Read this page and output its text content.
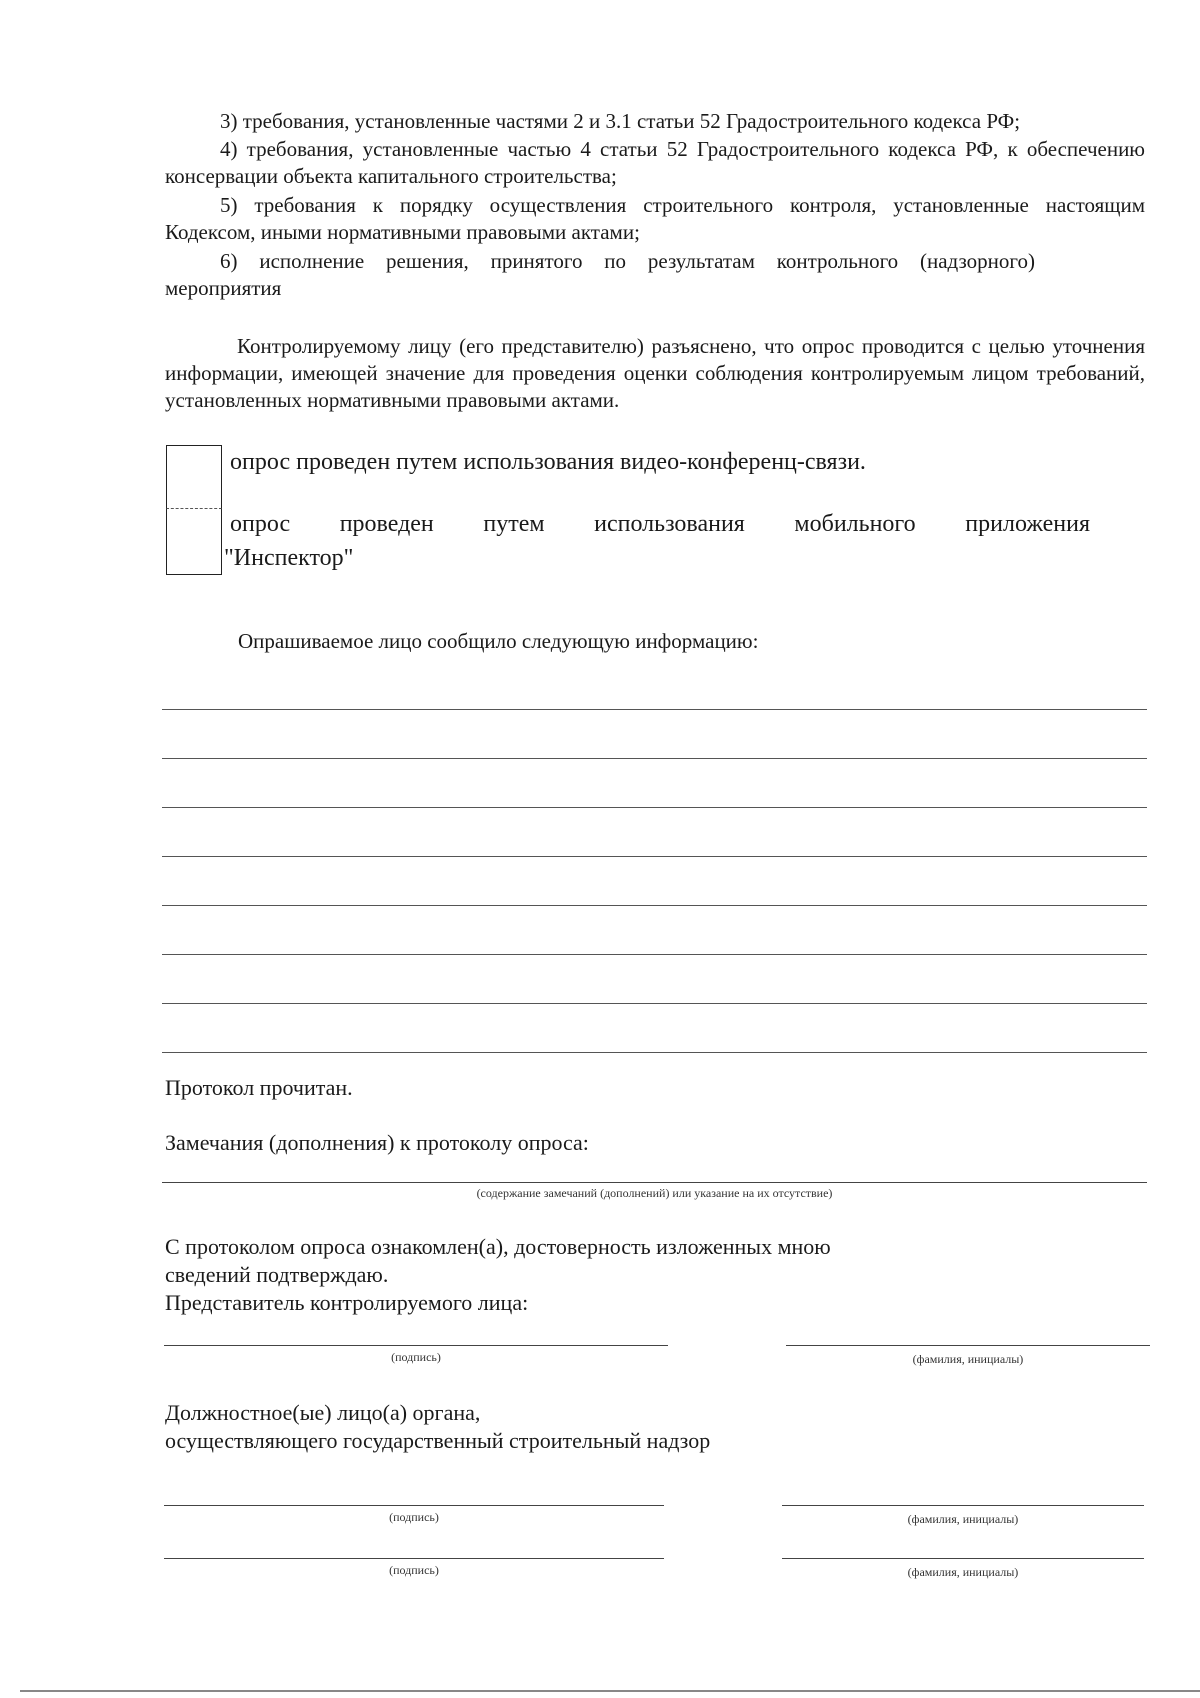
3) требования, установленные частями 2 и 3.1 статьи 52 Градостроительного кодекса РФ;
4) требования, установленные частью 4 статьи 52 Градостроительного кодекса РФ, к обеспечению консервации объекта капитального строительства;
5) требования к порядку осуществления строительного контроля, установленные настоящим Кодексом, иными нормативными правовыми актами;
6) исполнение решения, принятого по результатам контрольного (надзорного) мероприятия
Контролируемому лицу (его представителю) разъяснено, что опрос проводится с целью уточнения информации, имеющей значение для проведения оценки соблюдения контролируемым лицом требований, установленных нормативными правовыми актами.
опрос проведен путем использования видео-конференц-связи.
опрос проведен путем использования мобильного приложения
"Инспектор"
Опрашиваемое лицо сообщило следующую информацию:
Протокол прочитан.
Замечания (дополнения) к протоколу опроса:
(содержание замечаний (дополнений) или указание на их отсутствие)
С протоколом опроса ознакомлен(а), достоверность изложенных мною
сведений подтверждаю.
Представитель контролируемого лица:
(подпись)	(фамилия, инициалы)
Должностное(ые) лицо(а) органа,
осуществляющего государственный строительный надзор
(подпись)	(фамилия, инициалы)
(подпись)	(фамилия, инициалы)
